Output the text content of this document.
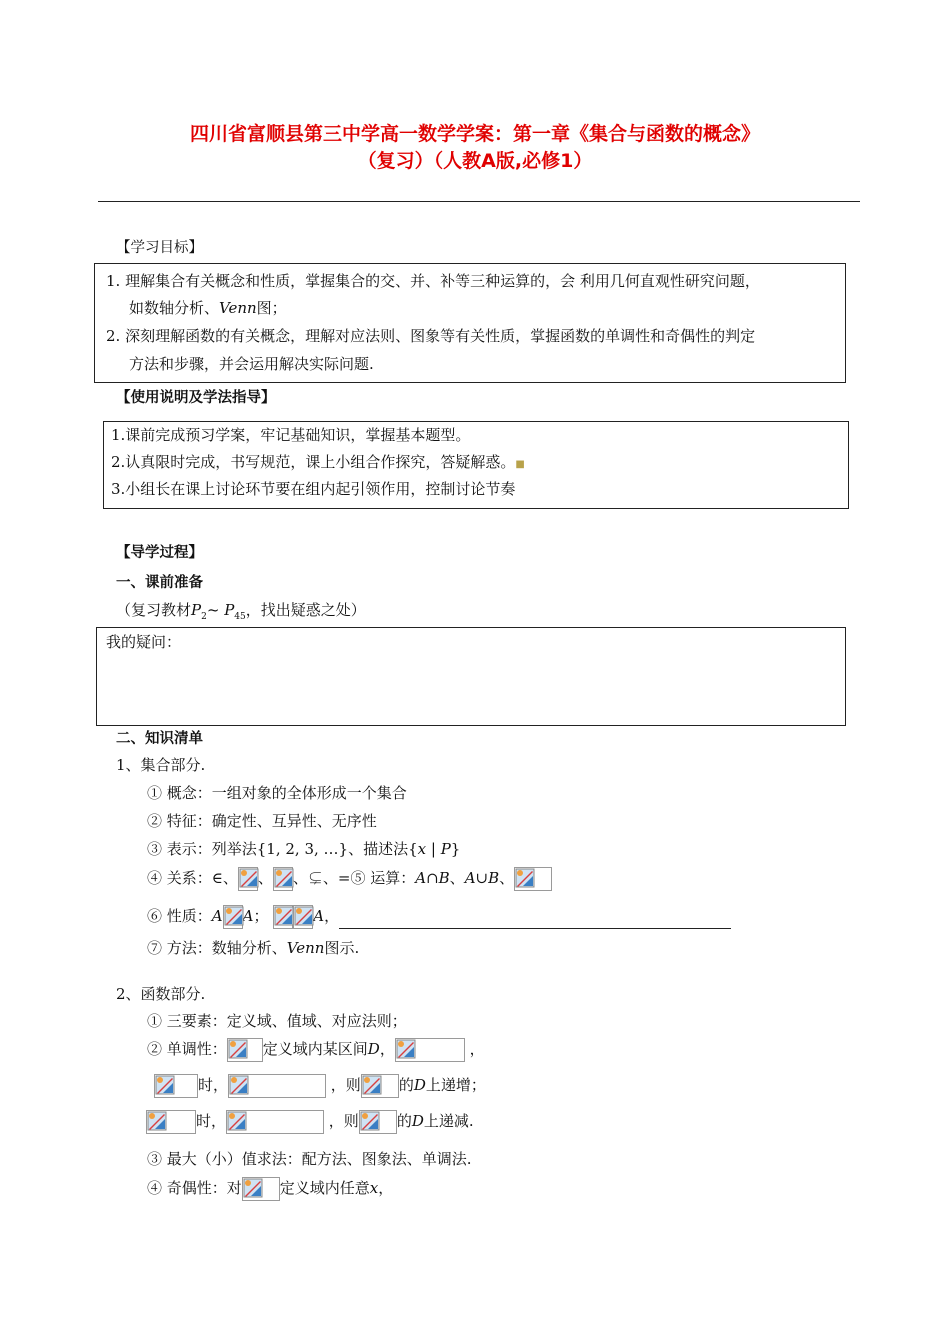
四川省富顺县第三中学高一数学学案：第一章《集合与函数的概念》
（复习）（人教A版,必修1）
【学习目标】
1. 理解集合有关概念和性质，掌握集合的交、并、补等三种运算的，会 利用几何直观性研究问题，
如数轴分析、Venn图；
2. 深刻理解函数的有关概念，理解对应法则、图象等有关性质，掌握函数的单调性和奇偶性的判定
方法和步骤，并会运用解决实际问题.
【使用说明及学法指导】
1.课前完成预习学案，牢记基础知识，掌握基本题型。
2.认真限时完成，书写规范，课上小组合作探究，答疑解惑。■
3.小组长在课上讨论环节要在组内起引领作用，控制讨论节奏
【导学过程】
一、课前准备
（复习教材$P_2\sim$ $P_{45}$，找出疑惑之处）
我的疑问：
二、知识清单
1、集合部分.
① 概念：一组对象的全体形成一个集合
② 特征：确定性、互异性、无序性
③ 表示：列举法{1, 2, 3, …}、描述法{x | P}
④ 关系：∈、 、 、⊊、=⑤ 运算：A∩B、A∪B、
⑥ 性质：A A；	A，
⑦ 方法：数轴分析、Venn图示.
2、函数部分.
① 三要素：定义域、值域、对应法则；
② 单调性： 定义域内某区间D，	，
时，	，则	的D上递增；
时，	，则	的D上递减.
③ 最大（小）值求法：配方法、图象法、单调法.
④ 奇偶性：对	定义域内任意x，
